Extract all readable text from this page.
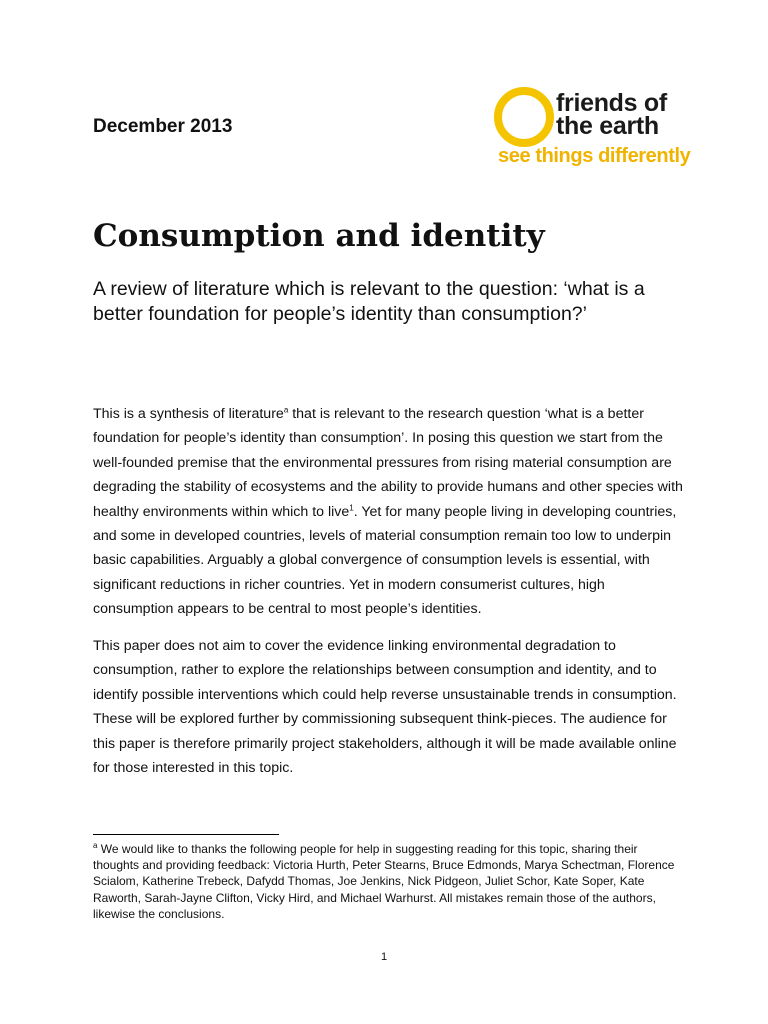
December 2013

friends of
the earth
see things differently
Consumption and identity

A review of literature which is relevant to the question: ‘what is a better foundation for people’s identity than consumption?’

This is a synthesis of literature$^a$ that is relevant to the research question ‘what is a better foundation for people’s identity than consumption’. In posing this question we start from the well-founded premise that the environmental pressures from rising material consumption are degrading the stability of ecosystems and the ability to provide humans and other species with healthy environments within which to live$^1$. Yet for many people living in developing countries, and some in developed countries, levels of material consumption remain too low to underpin basic capabilities. Arguably a global convergence of consumption levels is essential, with significant reductions in richer countries. Yet in modern consumerist cultures, high consumption appears to be central to most people’s identities.

This paper does not aim to cover the evidence linking environmental degradation to consumption, rather to explore the relationships between consumption and identity, and to identify possible interventions which could help reverse unsustainable trends in consumption. These will be explored further by commissioning subsequent think-pieces. The audience for this paper is therefore primarily project stakeholders, although it will be made available online for those interested in this topic.

$^a$ We would like to thanks the following people for help in suggesting reading for this topic, sharing their thoughts and providing feedback: Victoria Hurth, Peter Stearns, Bruce Edmonds, Marya Schectman, Florence Scialom, Katherine Trebeck, Dafydd Thomas, Joe Jenkins, Nick Pidgeon, Juliet Schor, Kate Soper, Kate Raworth, Sarah-Jayne Clifton, Vicky Hird, and Michael Warhurst. All mistakes remain those of the authors, likewise the conclusions.

1
